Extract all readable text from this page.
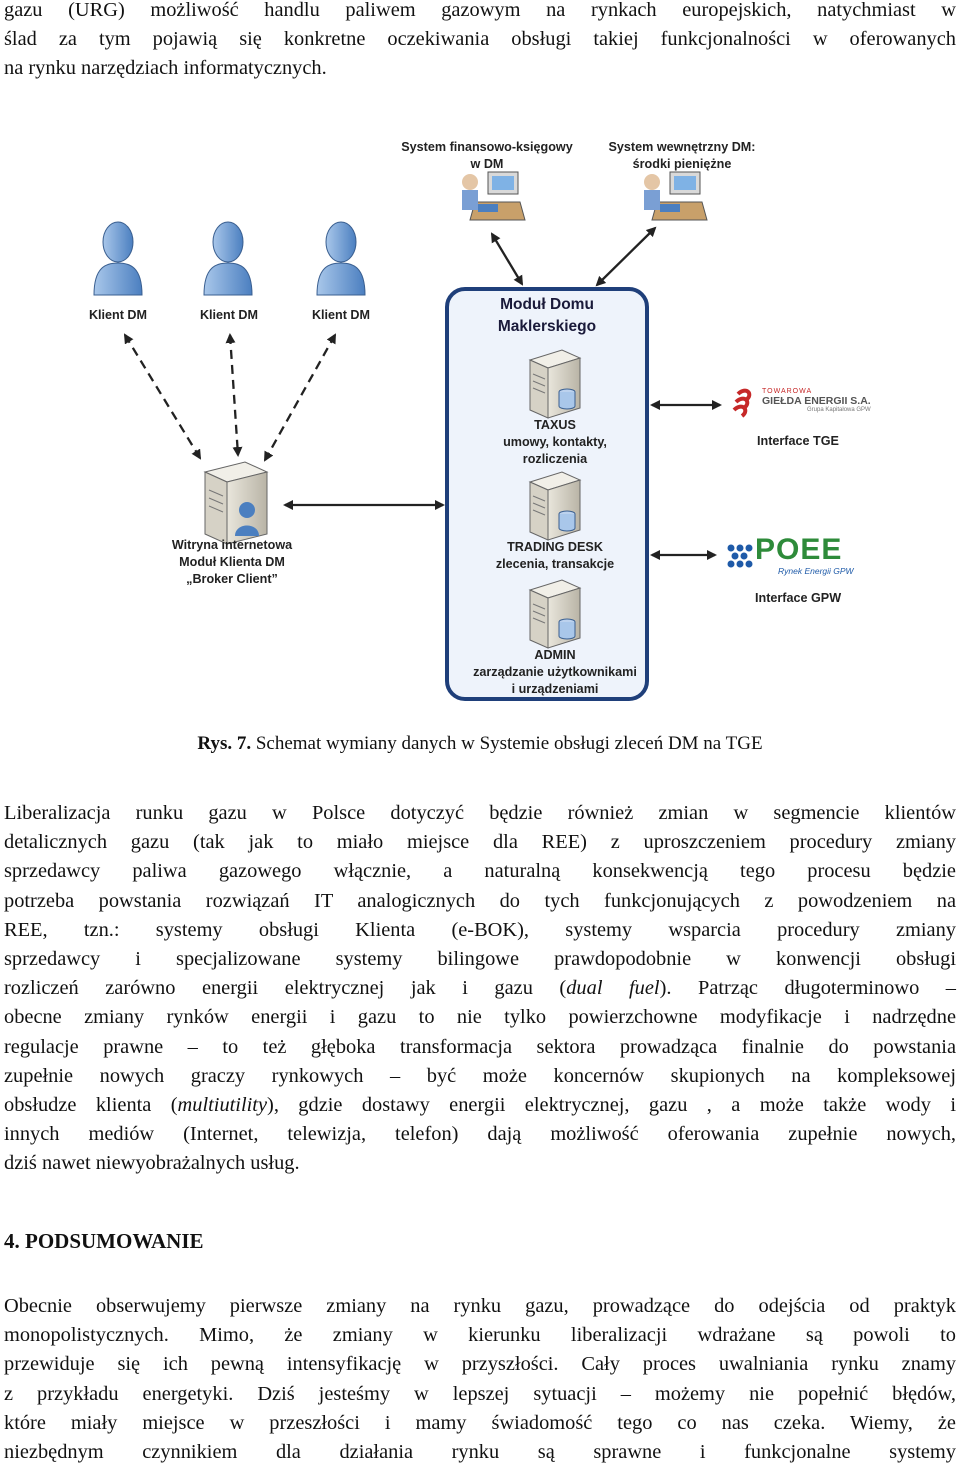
gazu (URG) możliwość handlu paliwem gazowym na rynkach europejskich, natychmiast w
ślad za tym pojawią się konkretne oczekiwania obsługi takiej funkcjonalności w oferowanych
na rynku narzędziach informatycznych.
System finansowo-księgowy
w DM
System wewnętrzny DM:
środki pieniężne
Klient DM	Klient DM	Klient DM
Moduł Domu
Maklerskiego
TAXUS
umowy, kontakty,
rozliczenia
TRADING DESK
zlecenia, transakcje
ADMIN
zarządzanie użytkownikami
i urządzeniami
Witryna internetowa
Moduł Klienta DM
„Broker Client”
TOWAROWA
GIEŁDA ENERGII S.A.
Grupa Kapitałowa GPW
Interface TGE
POEE
Rynek Energii GPW
Interface GPW
Rys. 7. Schemat wymiany danych w Systemie obsługi zleceń DM na TGE
Liberalizacja runku gazu w Polsce dotyczyć będzie również zmian w segmencie klientów
detalicznych gazu (tak jak to miało miejsce dla REE) z uproszczeniem procedury zmiany
sprzedawcy paliwa gazowego włącznie, a naturalną konsekwencją tego procesu będzie
potrzeba powstania rozwiązań IT analogicznych do tych funkcjonujących z powodzeniem na
REE, tzn.: systemy obsługi Klienta (e-BOK), systemy wsparcia procedury zmiany
sprzedawcy i specjalizowane systemy bilingowe prawdopodobnie w konwencji obsługi
rozliczeń zarówno energii elektrycznej jak i gazu (dual fuel). Patrząc długoterminowo –
obecne zmiany rynków energii i gazu to nie tylko powierzchowne modyfikacje i nadrzędne
regulacje prawne – to też głęboka transformacja sektora prowadząca finalnie do powstania
zupełnie nowych graczy rynkowych – być może koncernów skupionych na kompleksowej
obsłudze klienta (multiutility), gdzie dostawy energii elektrycznej, gazu , a może także wody i
innych mediów (Internet, telewizja, telefon) dają możliwość oferowania zupełnie nowych,
dziś nawet niewyobrażalnych usług.
4. PODSUMOWANIE
Obecnie obserwujemy pierwsze zmiany na rynku gazu, prowadzące do odejścia od praktyk
monopolistycznych. Mimo, że zmiany w kierunku liberalizacji wdrażane są powoli to
przewiduje się ich pewną intensyfikację w przyszłości. Cały proces uwalniania rynku znamy
z przykładu energetyki. Dziś jesteśmy w lepszej sytuacji – możemy nie popełnić błędów,
które miały miejsce w przeszłości i mamy świadomość tego co nas czeka. Wiemy, że
niezbędnym czynnikiem dla działania rynku są sprawne i funkcjonalne systemy
